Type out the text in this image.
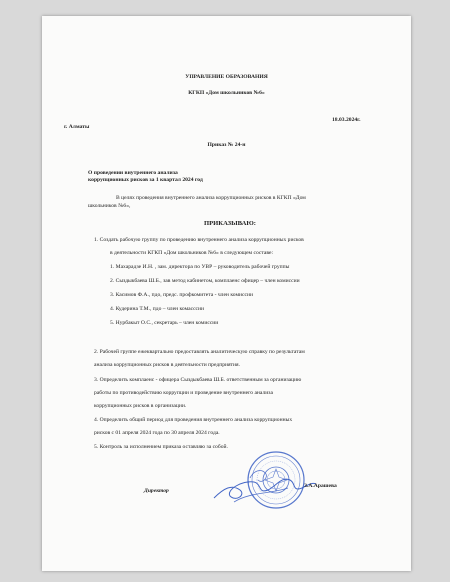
УПРАВЛЕНИЕ ОБРАЗОВАНИЯ
КГКП «Дом школьников №6»
г. Алматы
18.03.2024г.
Приказ № 24-н
О проведении внутреннего анализа
коррупционных рисков за 1 квартал 2024 год
В целях проведения внутреннего анализа коррупционных рисков в КГКП «Дом
школьников №6»,
ПРИКАЗЫВАЮ:
1. Создать рабочую группу по проведению внутреннего анализа коррупционных рисков
в деятельности КГКП «Дом школьников №6» в следующем составе:
1. Махарадзе И.Н. , зам. директора по УВР – руководитель рабочей группы
2. Сыздыкбаева Ш.Б., зав метод кабинетом, комплаенс офицер – член комиссии
3. Касимов Ф.А., пдо, предс. профкомитета - член комиссии
4. Кудерина Т.М., пдо – член комасссии
5. Нурбакыт О.С., секретарь – член комиссии
2. Рабочей группе ежеквартально предоставлять аналитическую справку по результатам
анализа коррупционных рисков в деятельности предприятия.
3. Определить комплаенс - офицера Сыздыкбаева Ш.Б. ответственным за организацию
работы по противодействию коррупции и проведение внутреннего анализа
коррупционных рисков в организации.
4. Определить общий период для проведения внутреннего анализа коррупционных
рисков с 01 апреля 2024 года по 30 апреля 2024 года.
5. Контроль за исполнением приказа оставляю за собой.
Директор
З.А.Арашева
